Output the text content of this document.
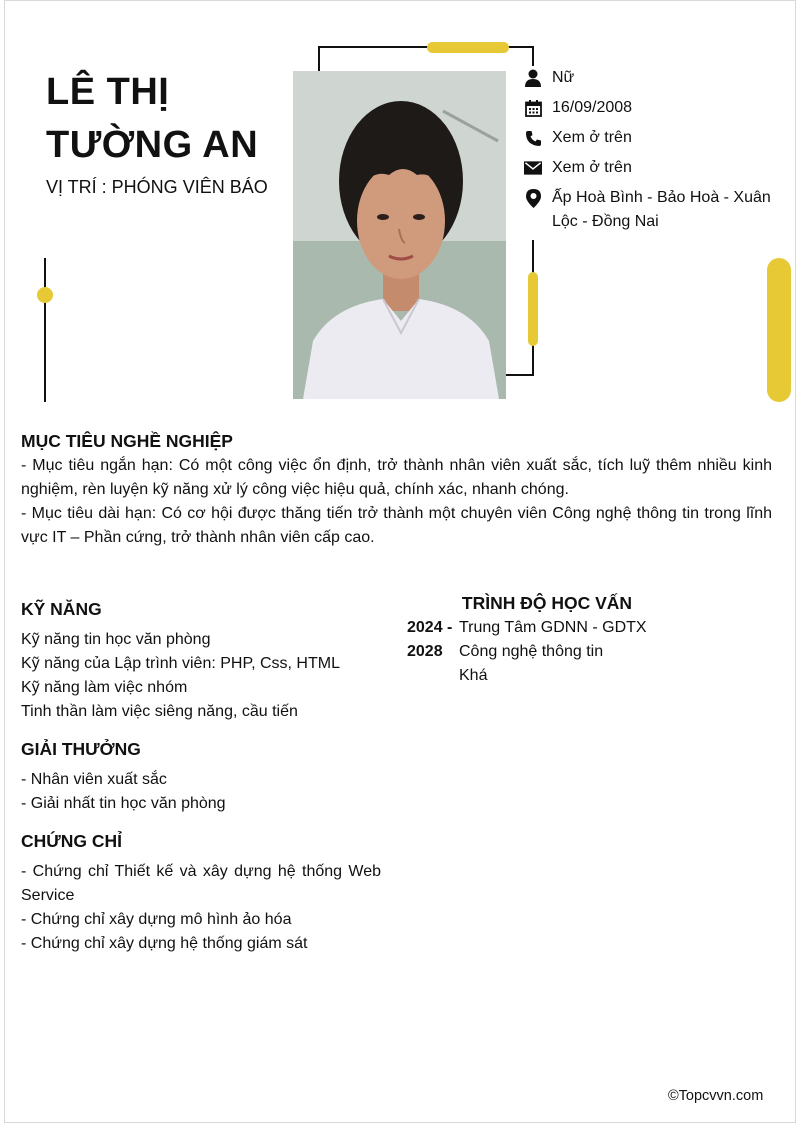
LÊ THỊ
TƯỜNG AN
VỊ TRÍ : PHÓNG VIÊN BÁO
Nữ
16/09/2008
Xem ở trên
Xem ở trên
Ấp Hoà Bình - Bảo Hoà - Xuân Lộc - Đồng Nai
MỤC TIÊU NGHỀ NGHIỆP

- Mục tiêu ngắn hạn: Có một công việc ổn định, trở thành nhân viên xuất sắc, tích luỹ thêm nhiều kinh nghiệm, rèn luyện kỹ năng xử lý công việc hiệu quả, chính xác, nhanh chóng.

- Mục tiêu dài hạn: Có cơ hội được thăng tiến trở thành một chuyên viên Công nghệ thông tin trong lĩnh vực IT – Phần cứng, trở thành nhân viên cấp cao.

KỸ NĂNG
Kỹ năng tin học văn phòng
Kỹ năng của Lập trình viên: PHP, Css, HTML
Kỹ năng làm việc nhóm
Tinh thần làm việc siêng năng, cầu tiến
GIẢI THƯỞNG
- Nhân viên xuất sắc
- Giải nhất tin học văn phòng
CHỨNG CHỈ
- Chứng chỉ Thiết kế và xây dựng hệ thống Web Service
- Chứng chỉ xây dựng mô hình ảo hóa
- Chứng chỉ xây dựng hệ thống giám sát
TRÌNH ĐỘ HỌC VẤN
2024 -
2028
Trung Tâm GDNN - GDTX
Công nghệ thông tin
Khá
©Topcvvn.com
